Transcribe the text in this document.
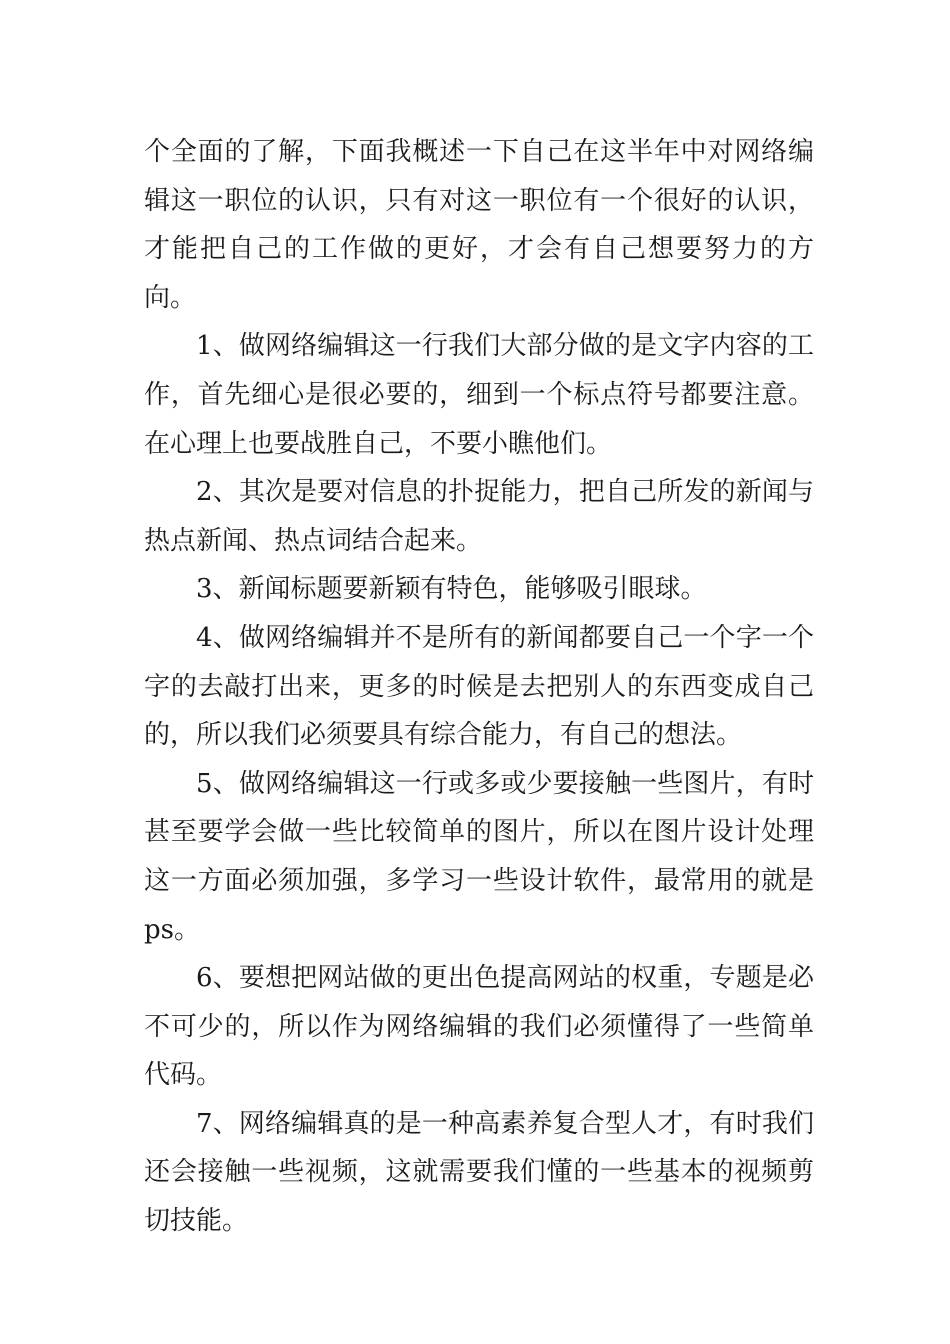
个全面的了解，下面我概述一下自己在这半年中对网络编辑这一职位的认识，只有对这一职位有一个很好的认识，才能把自己的工作做的更好，才会有自己想要努力的方向。

1、做网络编辑这一行我们大部分做的是文字内容的工作，首先细心是很必要的，细到一个标点符号都要注意。在心理上也要战胜自己，不要小瞧他们。

2、其次是要对信息的扑捉能力，把自己所发的新闻与热点新闻、热点词结合起来。

3、新闻标题要新颖有特色，能够吸引眼球。

4、做网络编辑并不是所有的新闻都要自己一个字一个字的去敲打出来，更多的时候是去把别人的东西变成自己的，所以我们必须要具有综合能力，有自己的想法。

5、做网络编辑这一行或多或少要接触一些图片，有时甚至要学会做一些比较简单的图片，所以在图片设计处理这一方面必须加强，多学习一些设计软件，最常用的就是ps。

6、要想把网站做的更出色提高网站的权重，专题是必不可少的，所以作为网络编辑的我们必须懂得了一些简单代码。

7、网络编辑真的是一种高素养复合型人才，有时我们还会接触一些视频，这就需要我们懂的一些基本的视频剪切技能。
